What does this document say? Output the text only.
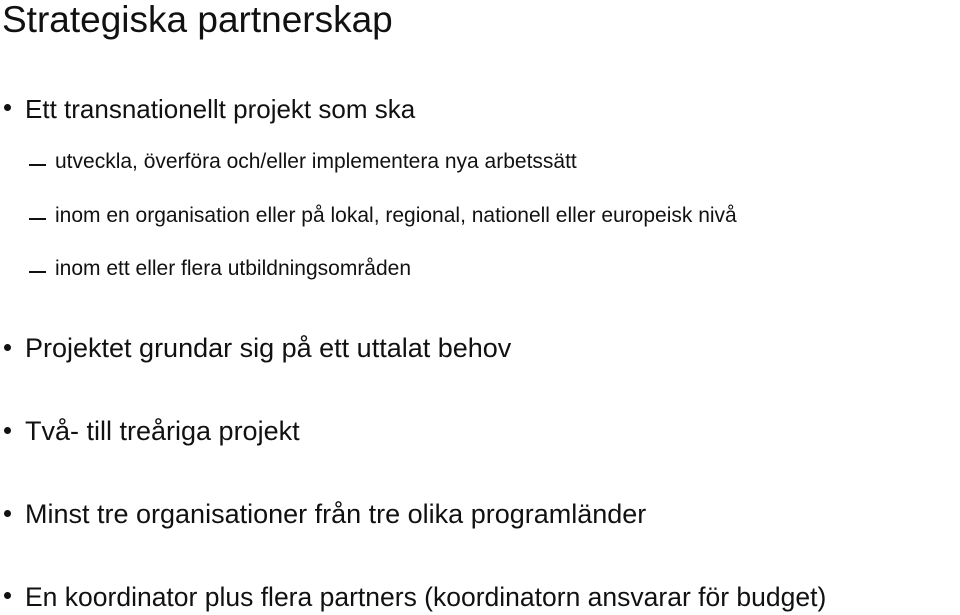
Strategiska partnerskap
Ett transnationellt projekt som ska
utveckla, överföra och/eller implementera nya arbetssätt
inom en organisation eller på lokal, regional, nationell eller europeisk nivå
inom ett eller flera utbildningsområden
Projektet grundar sig på ett uttalat behov
Två- till treåriga projekt
Minst tre organisationer från tre olika programländer
En koordinator plus flera partners (koordinatorn ansvarar för budget)
